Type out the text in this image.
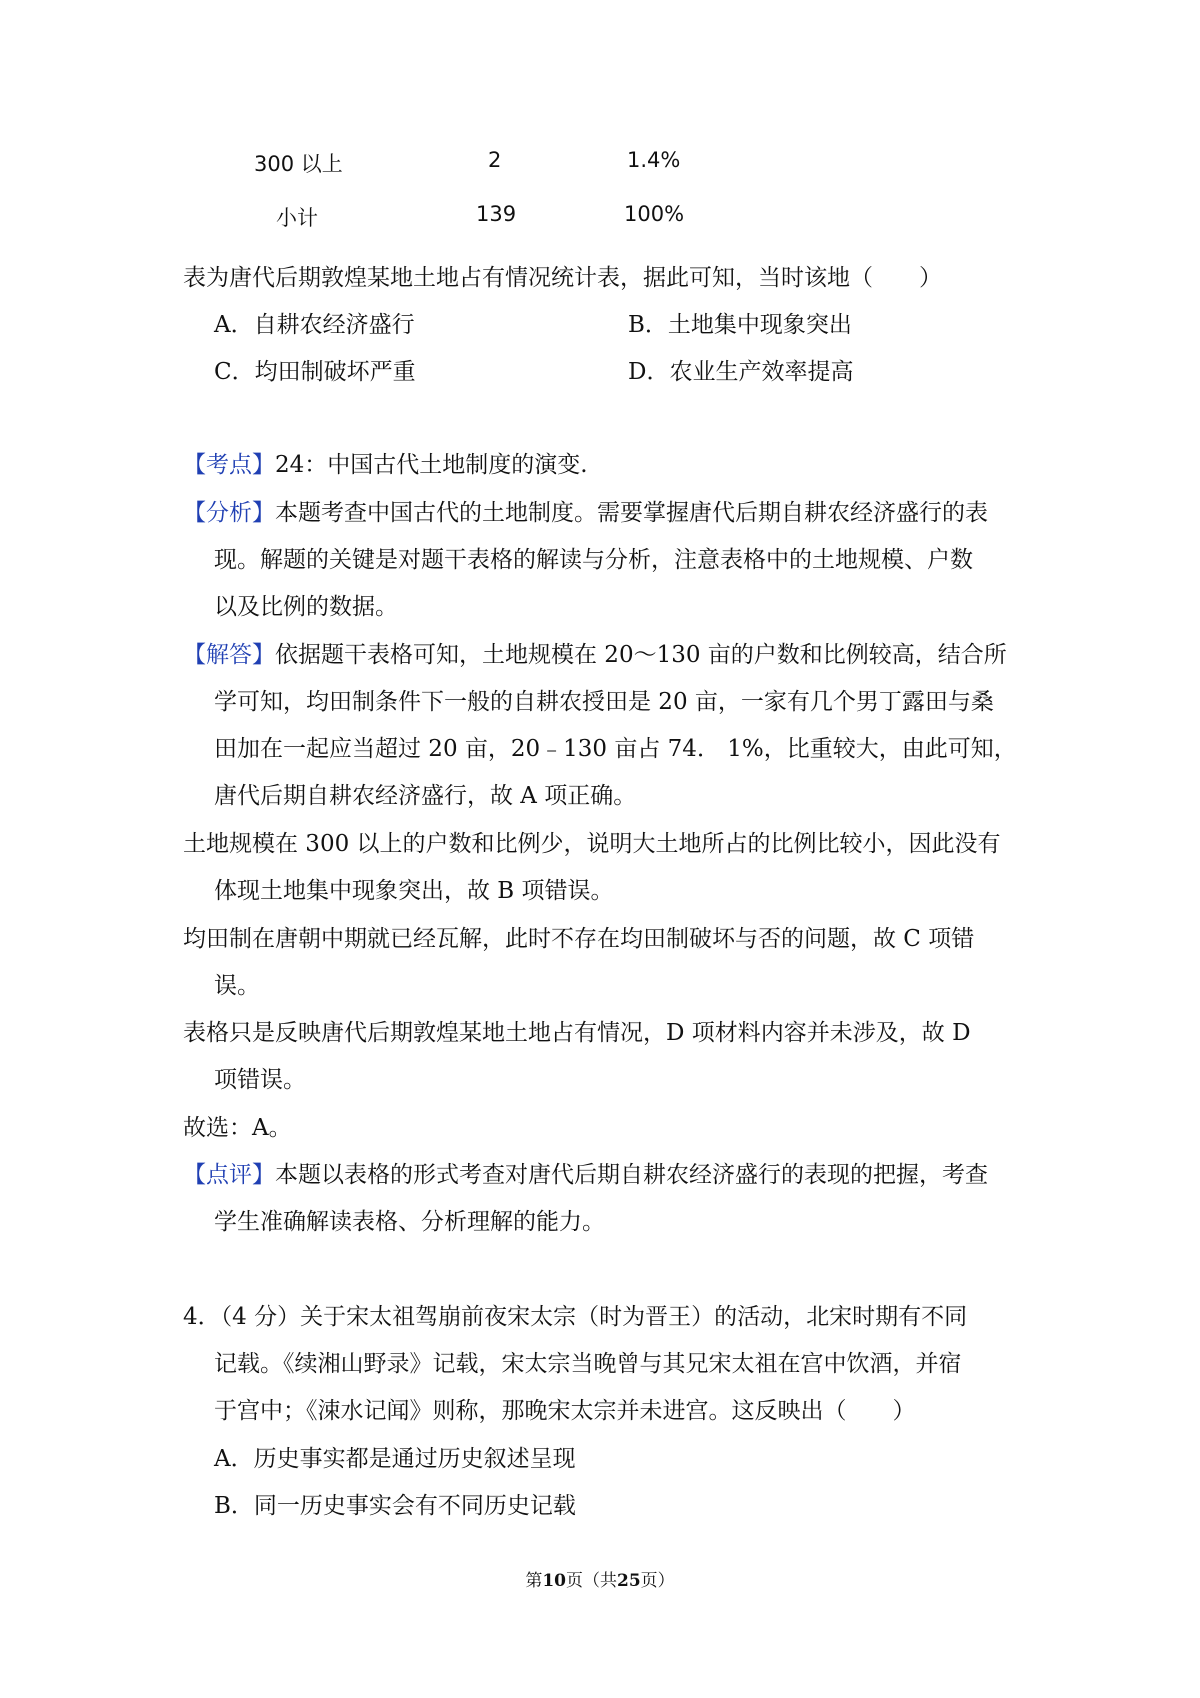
300 以上	2	1.4%
小计	139	100%
表为唐代后期敦煌某地土地占有情况统计表，据此可知，当时该地（　　）
A．自耕农经济盛行	B．土地集中现象突出
C．均田制破坏严重	D．农业生产效率提高
【考点】24：中国古代土地制度的演变.
【分析】本题考查中国古代的土地制度。需要掌握唐代后期自耕农经济盛行的表
现。解题的关键是对题干表格的解读与分析，注意表格中的土地规模、户数
以及比例的数据。
【解答】依据题干表格可知，土地规模在 20～130 亩的户数和比例较高，结合所
学可知，均田制条件下一般的自耕农授田是 20 亩，一家有几个男丁露田与桑
田加在一起应当超过 20 亩，20﹣130 亩占 74． 1%，比重较大，由此可知，
唐代后期自耕农经济盛行，故 A 项正确。
土地规模在 300 以上的户数和比例少，说明大土地所占的比例比较小，因此没有
体现土地集中现象突出，故 B 项错误。
均田制在唐朝中期就已经瓦解，此时不存在均田制破坏与否的问题，故 C 项错
误。
表格只是反映唐代后期敦煌某地土地占有情况，D 项材料内容并未涉及，故 D
项错误。
故选：A。
【点评】本题以表格的形式考查对唐代后期自耕农经济盛行的表现的把握，考查
学生准确解读表格、分析理解的能力。
4．（4 分）关于宋太祖驾崩前夜宋太宗（时为晋王）的活动，北宋时期有不同
记载。《续湘山野录》记载，宋太宗当晚曾与其兄宋太祖在宫中饮酒，并宿
于宫中；《涑水记闻》则称，那晚宋太宗并未进宫。这反映出（　　）
A．历史事实都是通过历史叙述呈现
B．同一历史事实会有不同历史记载
第10页（共25页）
